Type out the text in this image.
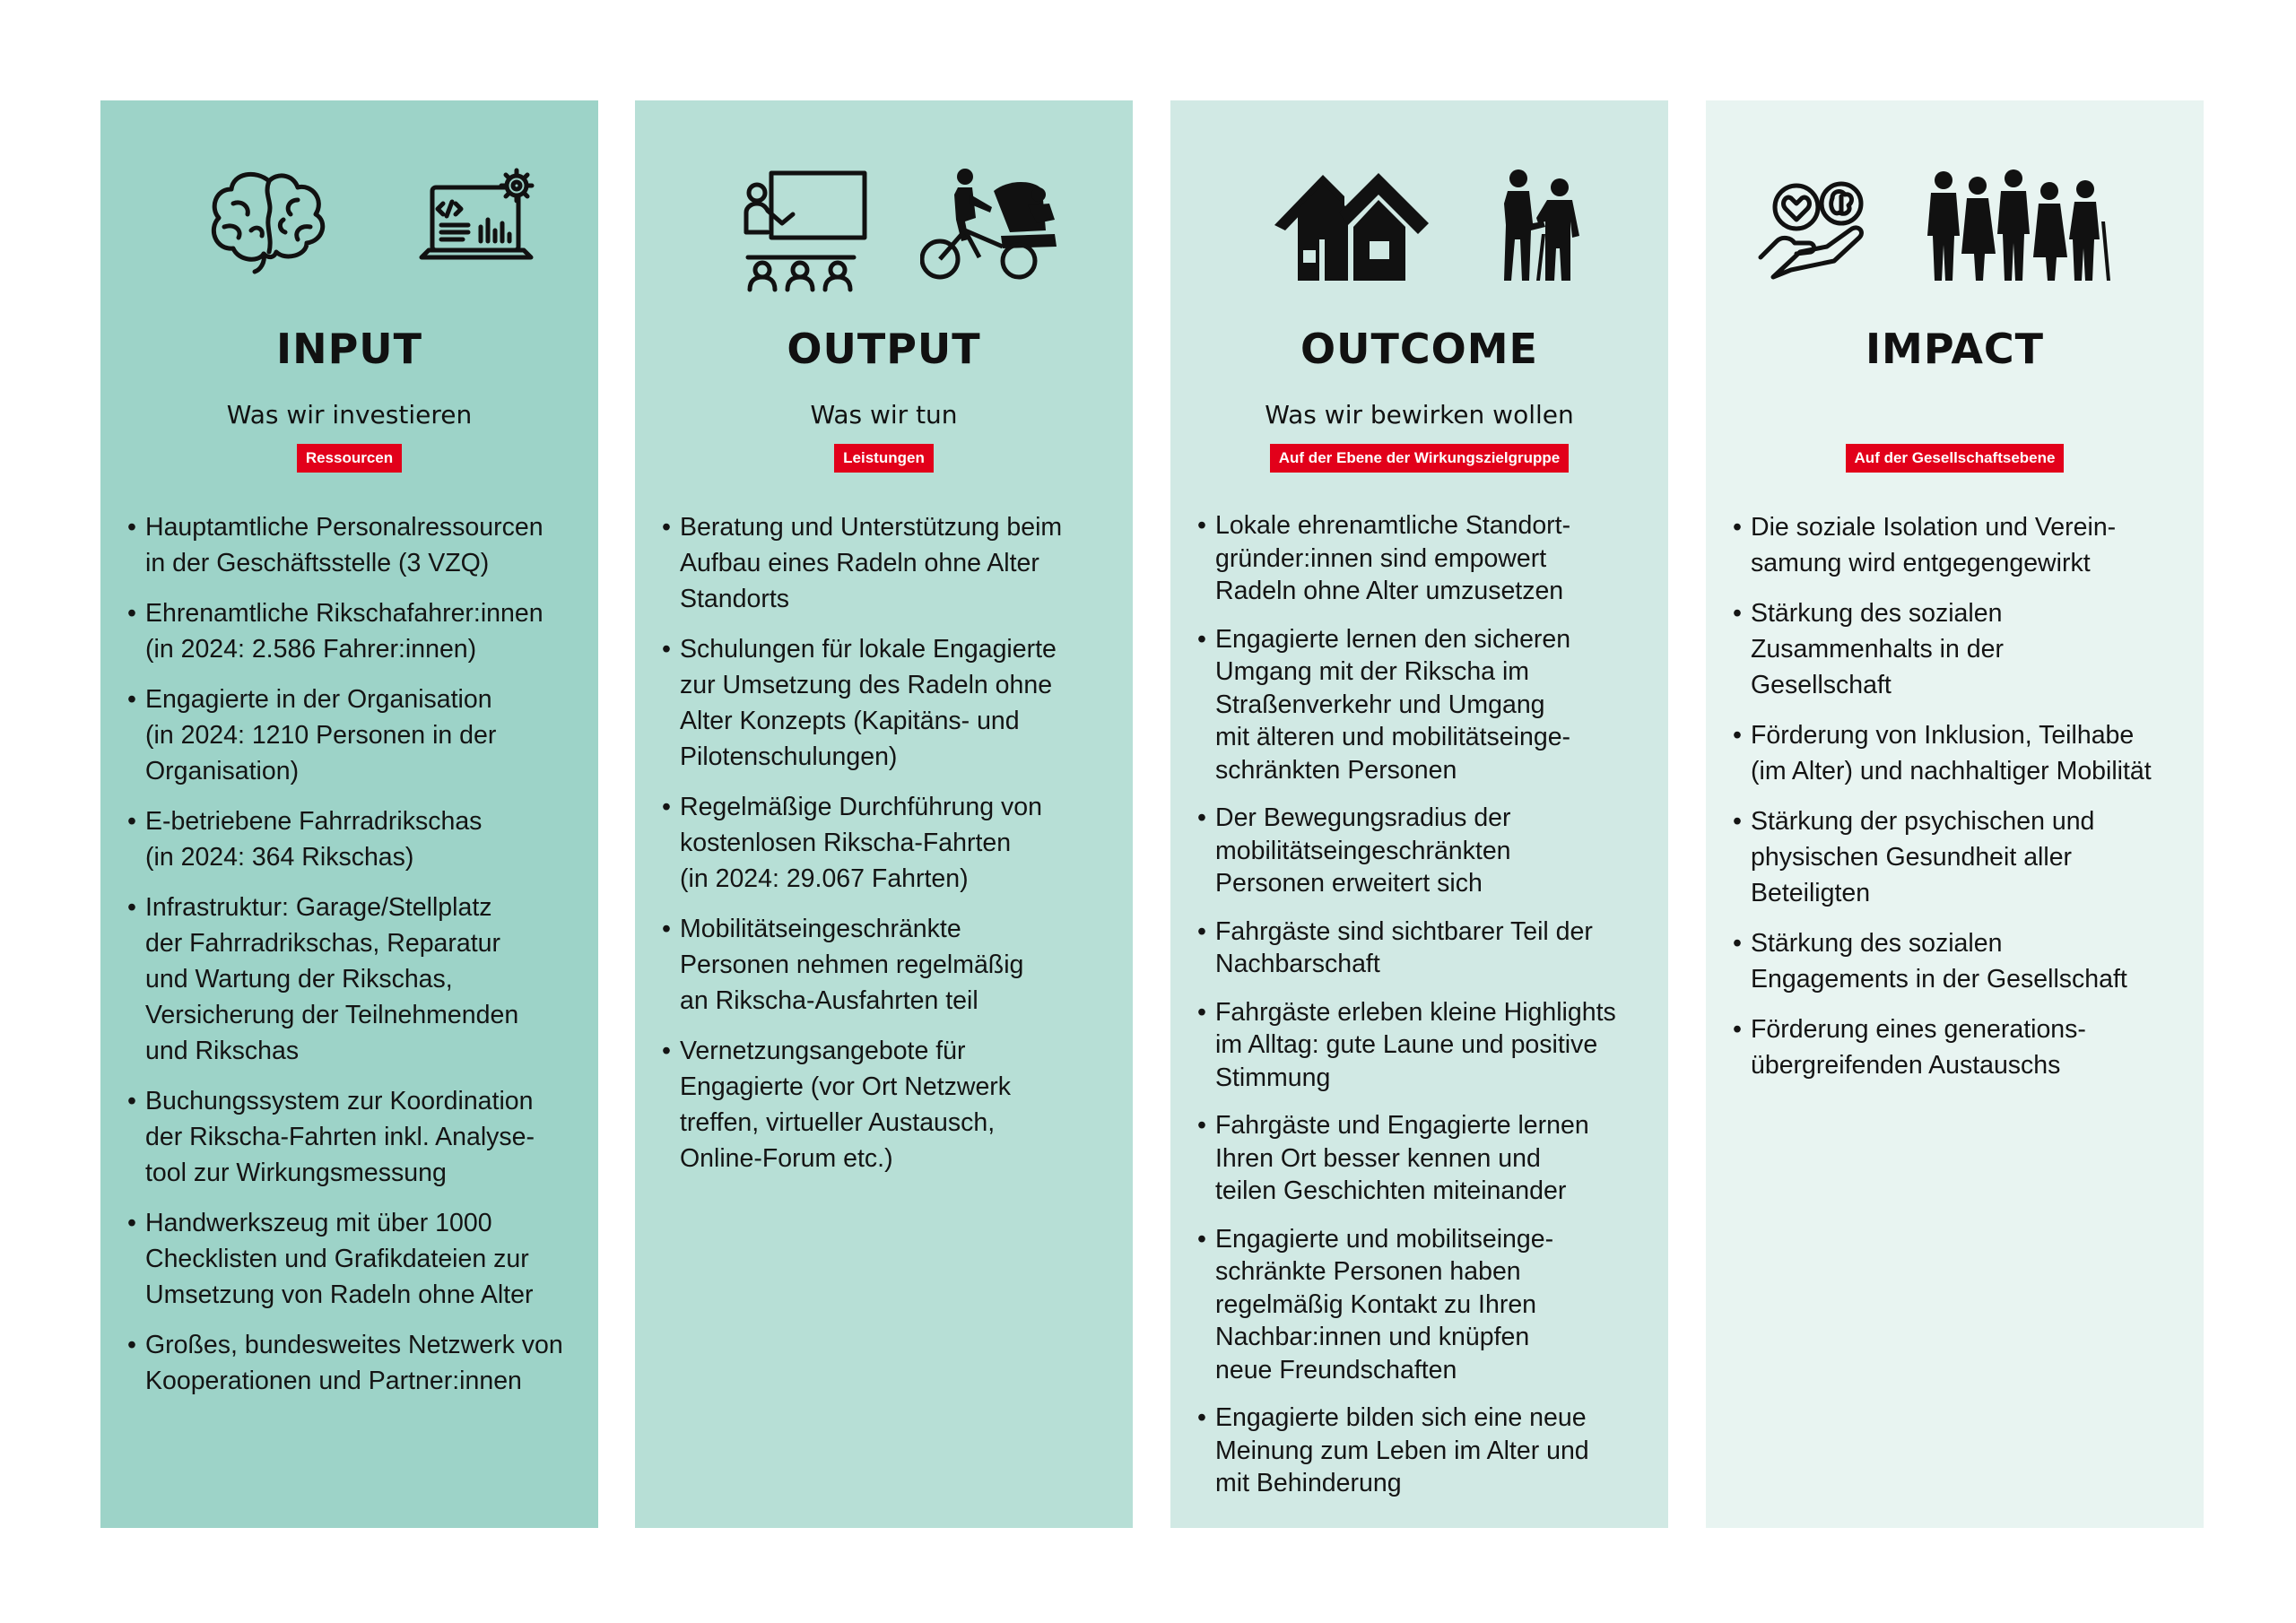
INPUT
Was wir investieren
Ressourcen
• Hauptamtliche Personalressourcen
in der Geschäftsstelle (3 VZQ)
• Ehrenamtliche Rikschafahrer:innen
(in 2024: 2.586 Fahrer:innen)
• Engagierte in der Organisation
(in 2024: 1210 Personen in der
Organisation)
• E-betriebene Fahrradrikschas
(in 2024: 364 Rikschas)
• Infrastruktur: Garage/Stellplatz
der Fahrradrikschas, Reparatur
und Wartung der Rikschas,
Versicherung der Teilnehmenden
und Rikschas
• Buchungssystem zur Koordination
der Rikscha-Fahrten inkl. Analyse-
tool zur Wirkungsmessung
• Handwerkszeug mit über 1000
Checklisten und Grafikdateien zur
Umsetzung von Radeln ohne Alter
• Großes, bundesweites Netzwerk von
Kooperationen und Partner:innen
OUTPUT
Was wir tun
Leistungen
• Beratung und Unterstützung beim
Aufbau eines Radeln ohne Alter
Standorts
• Schulungen für lokale Engagierte
zur Umsetzung des Radeln ohne
Alter Konzepts (Kapitäns- und
Pilotenschulungen)
• Regelmäßige Durchführung von
kostenlosen Rikscha-Fahrten
(in 2024: 29.067 Fahrten)
• Mobilitätseingeschränkte
Personen nehmen regelmäßig
an Rikscha-Ausfahrten teil
• Vernetzungsangebote für
Engagierte (vor Ort Netzwerk
treffen, virtueller Austausch,
Online-Forum etc.)
OUTCOME
Was wir bewirken wollen
Auf der Ebene der Wirkungszielgruppe
• Lokale ehrenamtliche Standort-
gründer:innen sind empowert
Radeln ohne Alter umzusetzen
• Engagierte lernen den sicheren
Umgang mit der Rikscha im
Straßenverkehr und Umgang
mit älteren und mobilitätseinge-
schränkten Personen
• Der Bewegungsradius der
mobilitätseingeschränkten
Personen erweitert sich
• Fahrgäste sind sichtbarer Teil der
Nachbarschaft
• Fahrgäste erleben kleine Highlights
im Alltag: gute Laune und positive
Stimmung
• Fahrgäste und Engagierte lernen
Ihren Ort besser kennen und
teilen Geschichten miteinander
• Engagierte und mobilitseinge-
schränkte Personen haben
regelmäßig Kontakt zu Ihren
Nachbar:innen und knüpfen
neue Freundschaften
• Engagierte bilden sich eine neue
Meinung zum Leben im Alter und
mit Behinderung
IMPACT
Auf der Gesellschaftsebene
• Die soziale Isolation und Verein-
samung wird entgegengewirkt
• Stärkung des sozialen
Zusammenhalts in der
Gesellschaft
• Förderung von Inklusion, Teilhabe
(im Alter) und nachhaltiger Mobilität
• Stärkung der psychischen und
physischen Gesundheit aller
Beteiligten
• Stärkung des sozialen
Engagements in der Gesellschaft
• Förderung eines generations-
übergreifenden Austauschs
